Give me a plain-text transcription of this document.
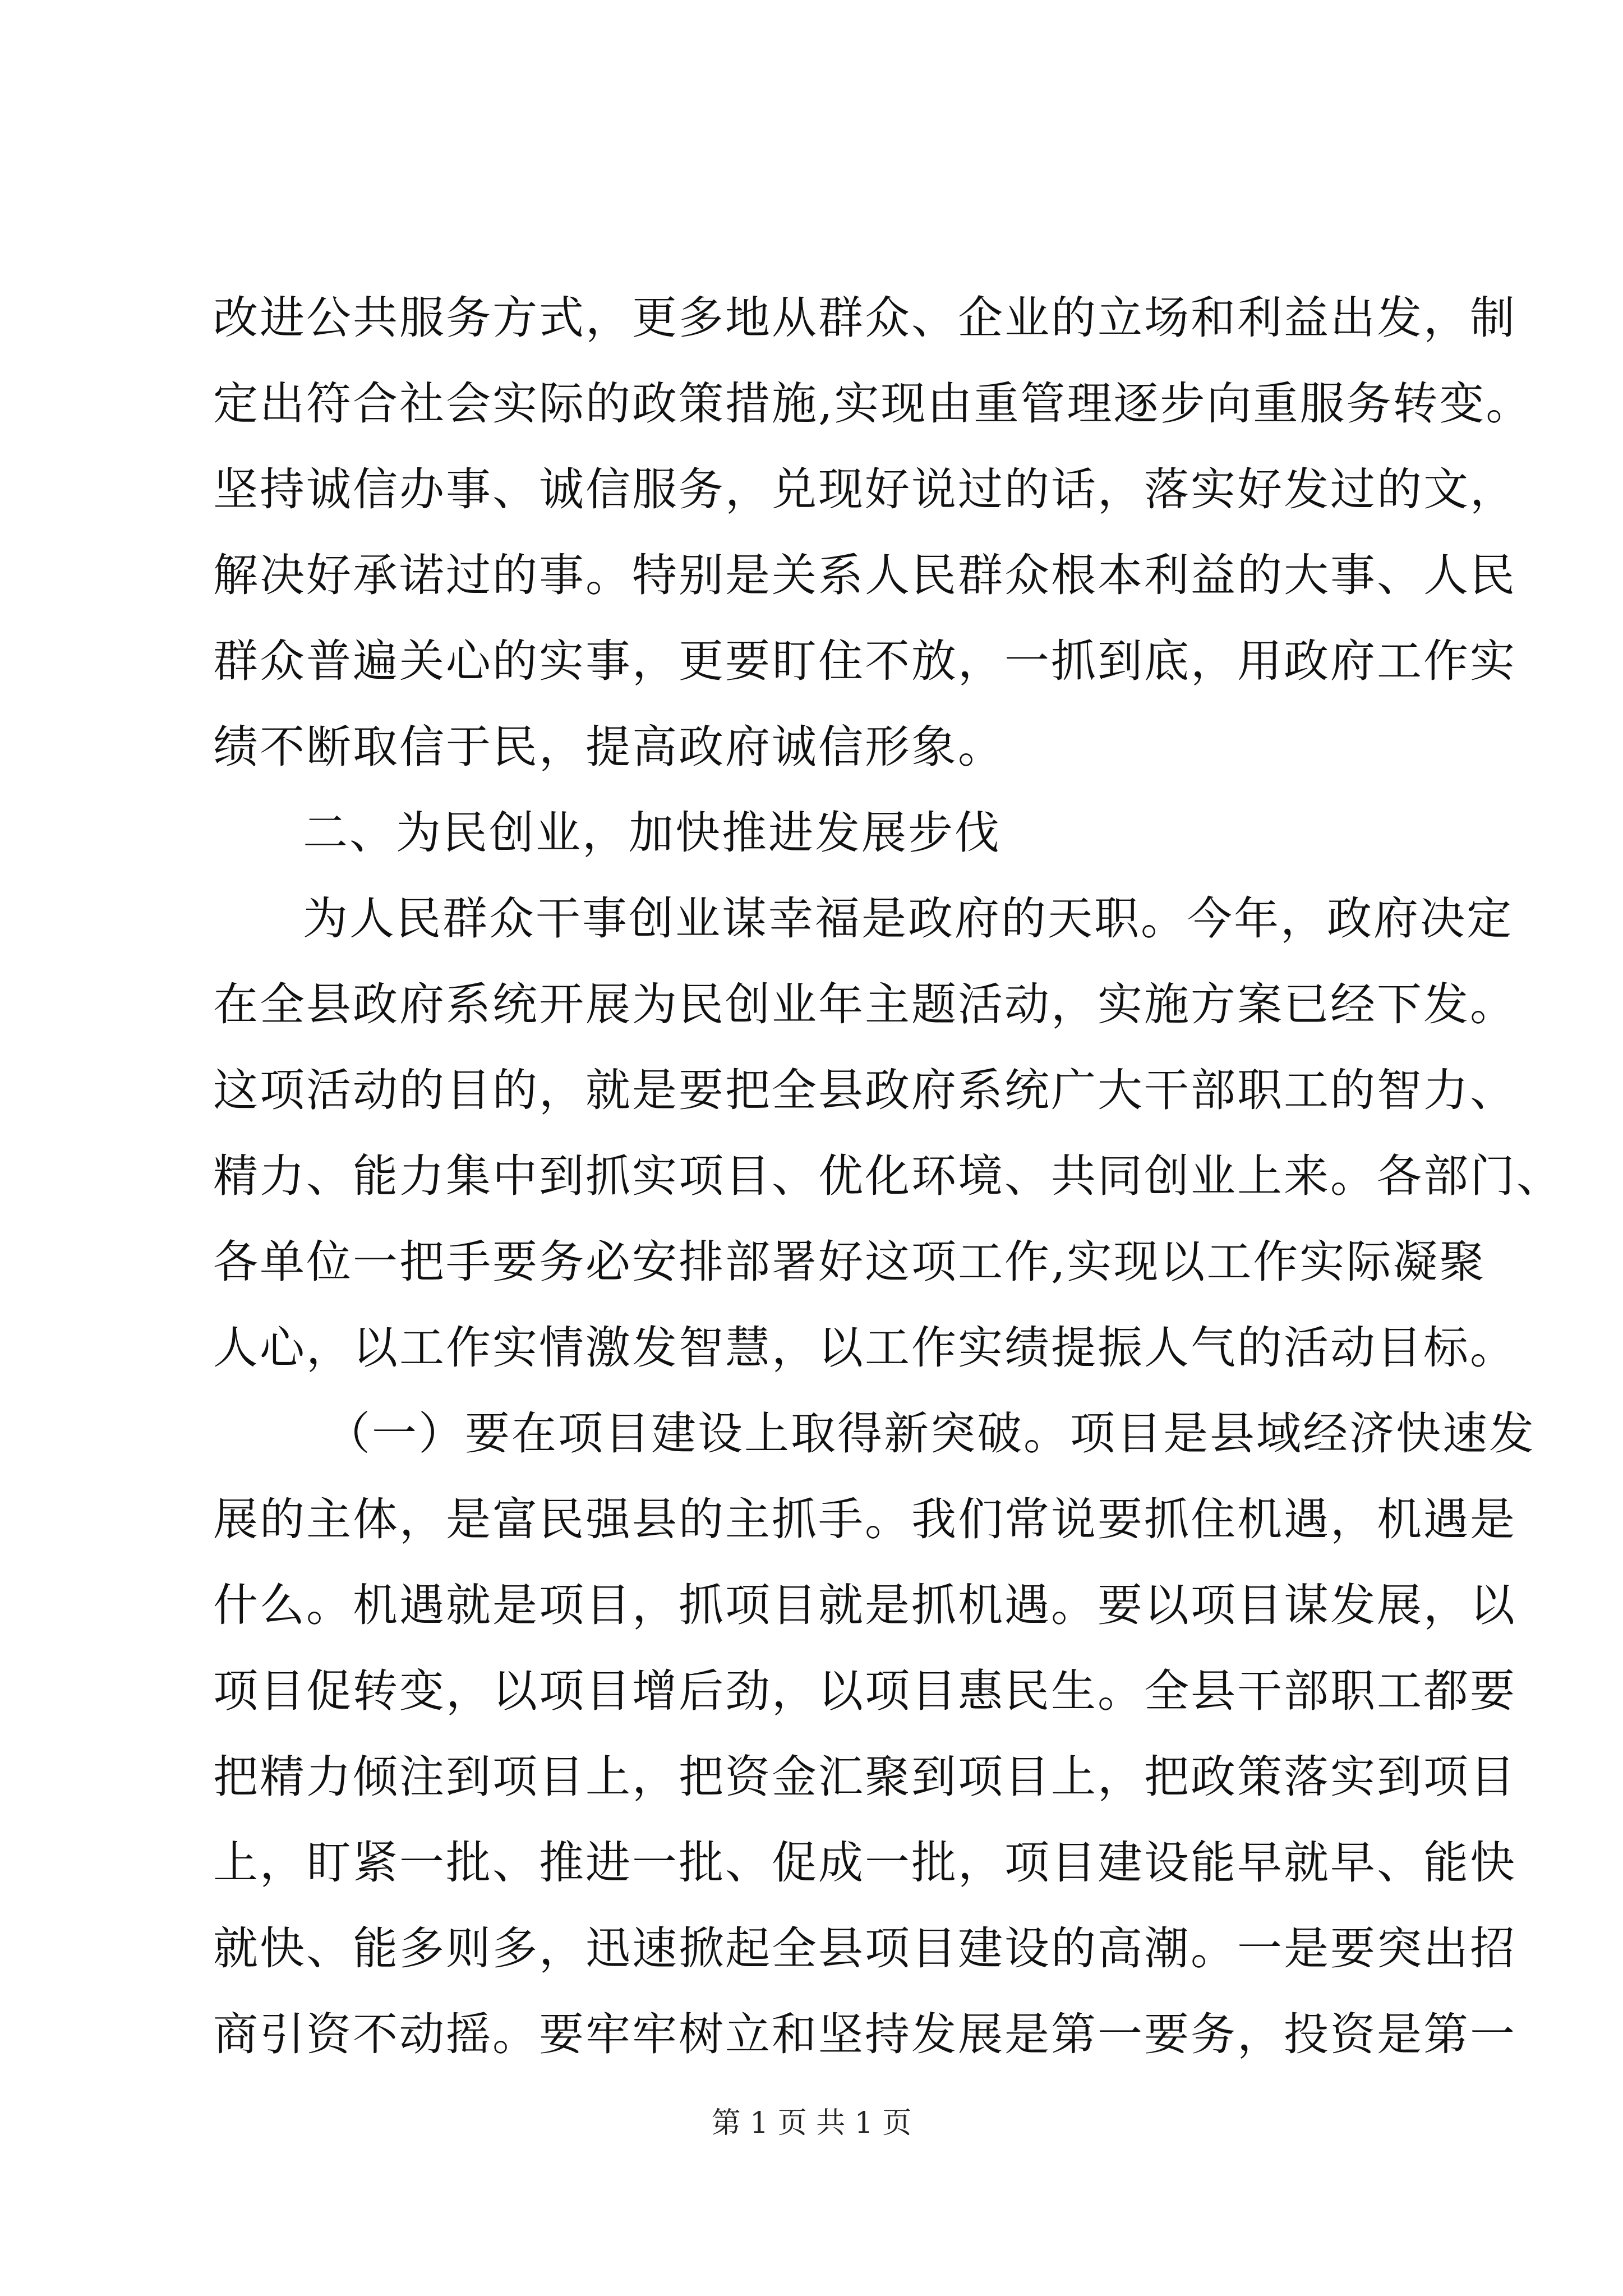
改进公共服务方式，更多地从群众、企业的立场和利益出发，制
定出符合社会实际的政策措施,实现由重管理逐步向重服务转变。
坚持诚信办事、诚信服务，兑现好说过的话，落实好发过的文，
解决好承诺过的事。特别是关系人民群众根本利益的大事、人民
群众普遍关心的实事，更要盯住不放，一抓到底，用政府工作实
绩不断取信于民，提高政府诚信形象。
二、为民创业，加快推进发展步伐
为人民群众干事创业谋幸福是政府的天职。今年，政府决定
在全县政府系统开展为民创业年主题活动，实施方案已经下发。
这项活动的目的，就是要把全县政府系统广大干部职工的智力、
精力、能力集中到抓实项目、优化环境、共同创业上来。各部门、
各单位一把手要务必安排部署好这项工作,实现以工作实际凝聚
人心，以工作实情激发智慧，以工作实绩提振人气的活动目标。
（一）要在项目建设上取得新突破。项目是县域经济快速发
展的主体，是富民强县的主抓手。我们常说要抓住机遇，机遇是
什么。机遇就是项目，抓项目就是抓机遇。要以项目谋发展，以
项目促转变，以项目增后劲，以项目惠民生。全县干部职工都要
把精力倾注到项目上，把资金汇聚到项目上，把政策落实到项目
上，盯紧一批、推进一批、促成一批，项目建设能早就早、能快
就快、能多则多，迅速掀起全县项目建设的高潮。一是要突出招
商引资不动摇。要牢牢树立和坚持发展是第一要务，投资是第一
第 1 页 共 1 页
